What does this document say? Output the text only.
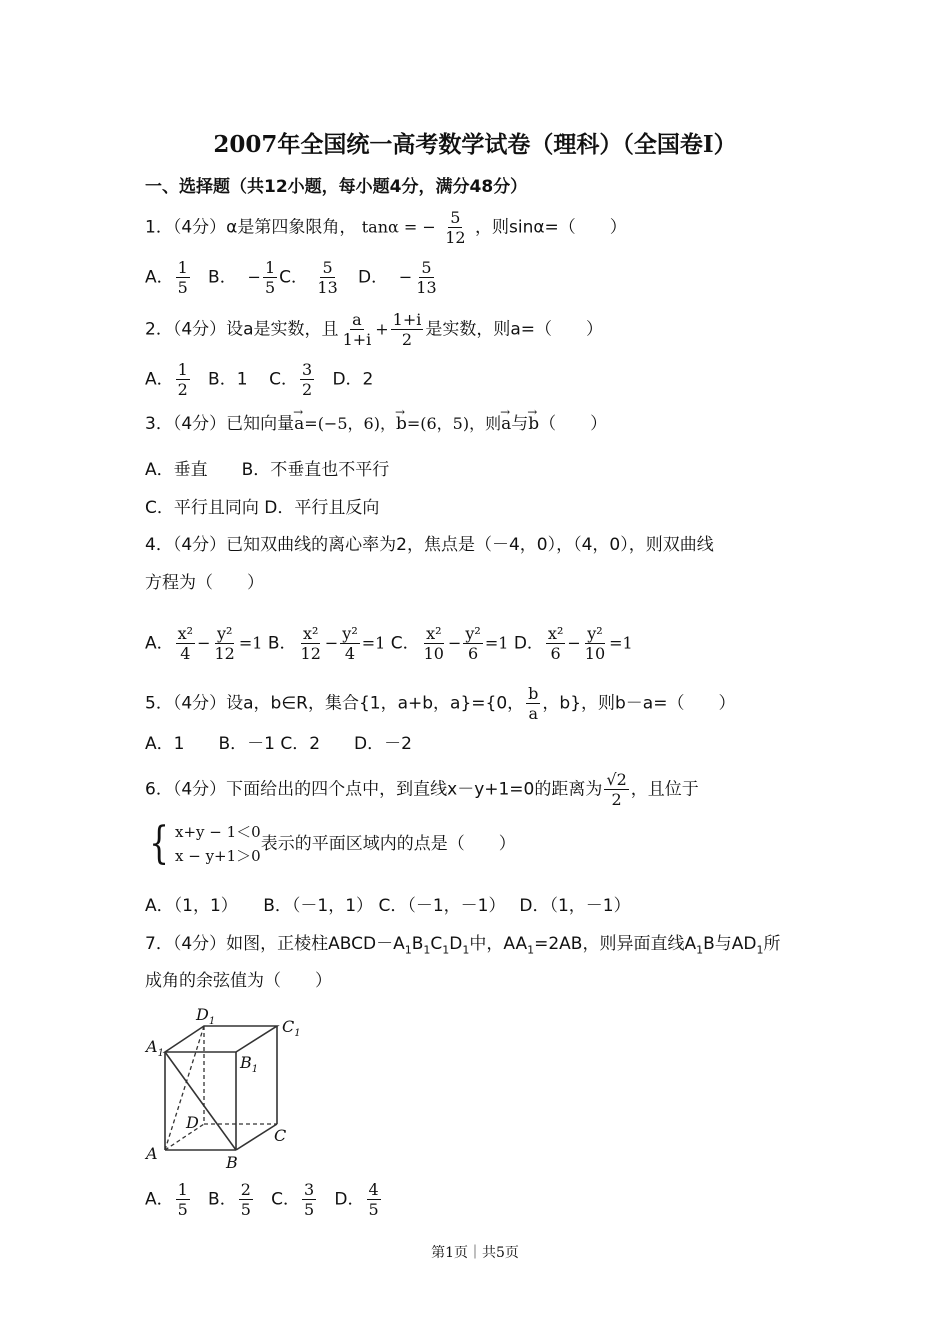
2007年全国统一高考数学试卷（理科）（全国卷Ⅰ）
一、选择题（共12小题，每小题4分，满分48分）
1．（4分）α是第四象限角， tanα = − $\frac{5}{12}$ ，则sinα=（　　）
A． $\frac{1}{5}$ B． − $\frac{1}{5}$ C． $\frac{5}{13}$ D． − $\frac{5}{13}$
2．（4分）设a是实数，且 $\frac{a}{1+i} + \frac{1+i}{2}$ 是实数，则a=（　　）
A． $\frac{1}{2}$ B．1 C． $\frac{3}{2}$ D．2
3．（4分）已知向量→ a=(−5，6)，→ b=(6，5)，则→ a与→ b（　　）
A．垂直　　B．不垂直也不平行
C．平行且同向 D．平行且反向
4．（4分）已知双曲线的离心率为2，焦点是（－4，0），（4，0），则双曲线
方程为（　　）
A． $\frac{\text{x²}}{4} - \frac{\text{y²}}{12} =1$ B． $\frac{\text{x²}}{12} - \frac{\text{y²}}{4} =1$ C． $\frac{\text{x²}}{10} - \frac{\text{y²}}{6} =1$ D． $\frac{\text{x²}}{6} - \frac{\text{y²}}{10} =1$
5．（4分）设a，b∈R，集合{1，a+b，a}={0， $\frac{b}{a}$ ，b}，则b－a=（　　）
A．1　　B．－1 C．2　　D．－2
6．（4分）下面给出的四个点中，到直线x－y+1=0的距离为 $\frac{√2}{2}$ ，且位于
{ x+y − 1＜0
x − y+1＞0
表示的平面区域内的点是（　　）
A．（1，1）　　B．（－1，1） C．（－1，－1）　 D．（1，－1）
7．（4分）如图，正棱柱$ABCD-A_1B_1C_1D_1$中，$AA_1=2AB$，则异面直线$A_1B$与$AD_1$所
成角的余弦值为（　　）
$D_1$	$C_1$
$A_1$	$B_1$
D
C
A	B
A． $\frac{1}{5}$ B． $\frac{2}{5}$ C． $\frac{3}{5}$ D． $\frac{4}{5}$
第1页｜共5页
